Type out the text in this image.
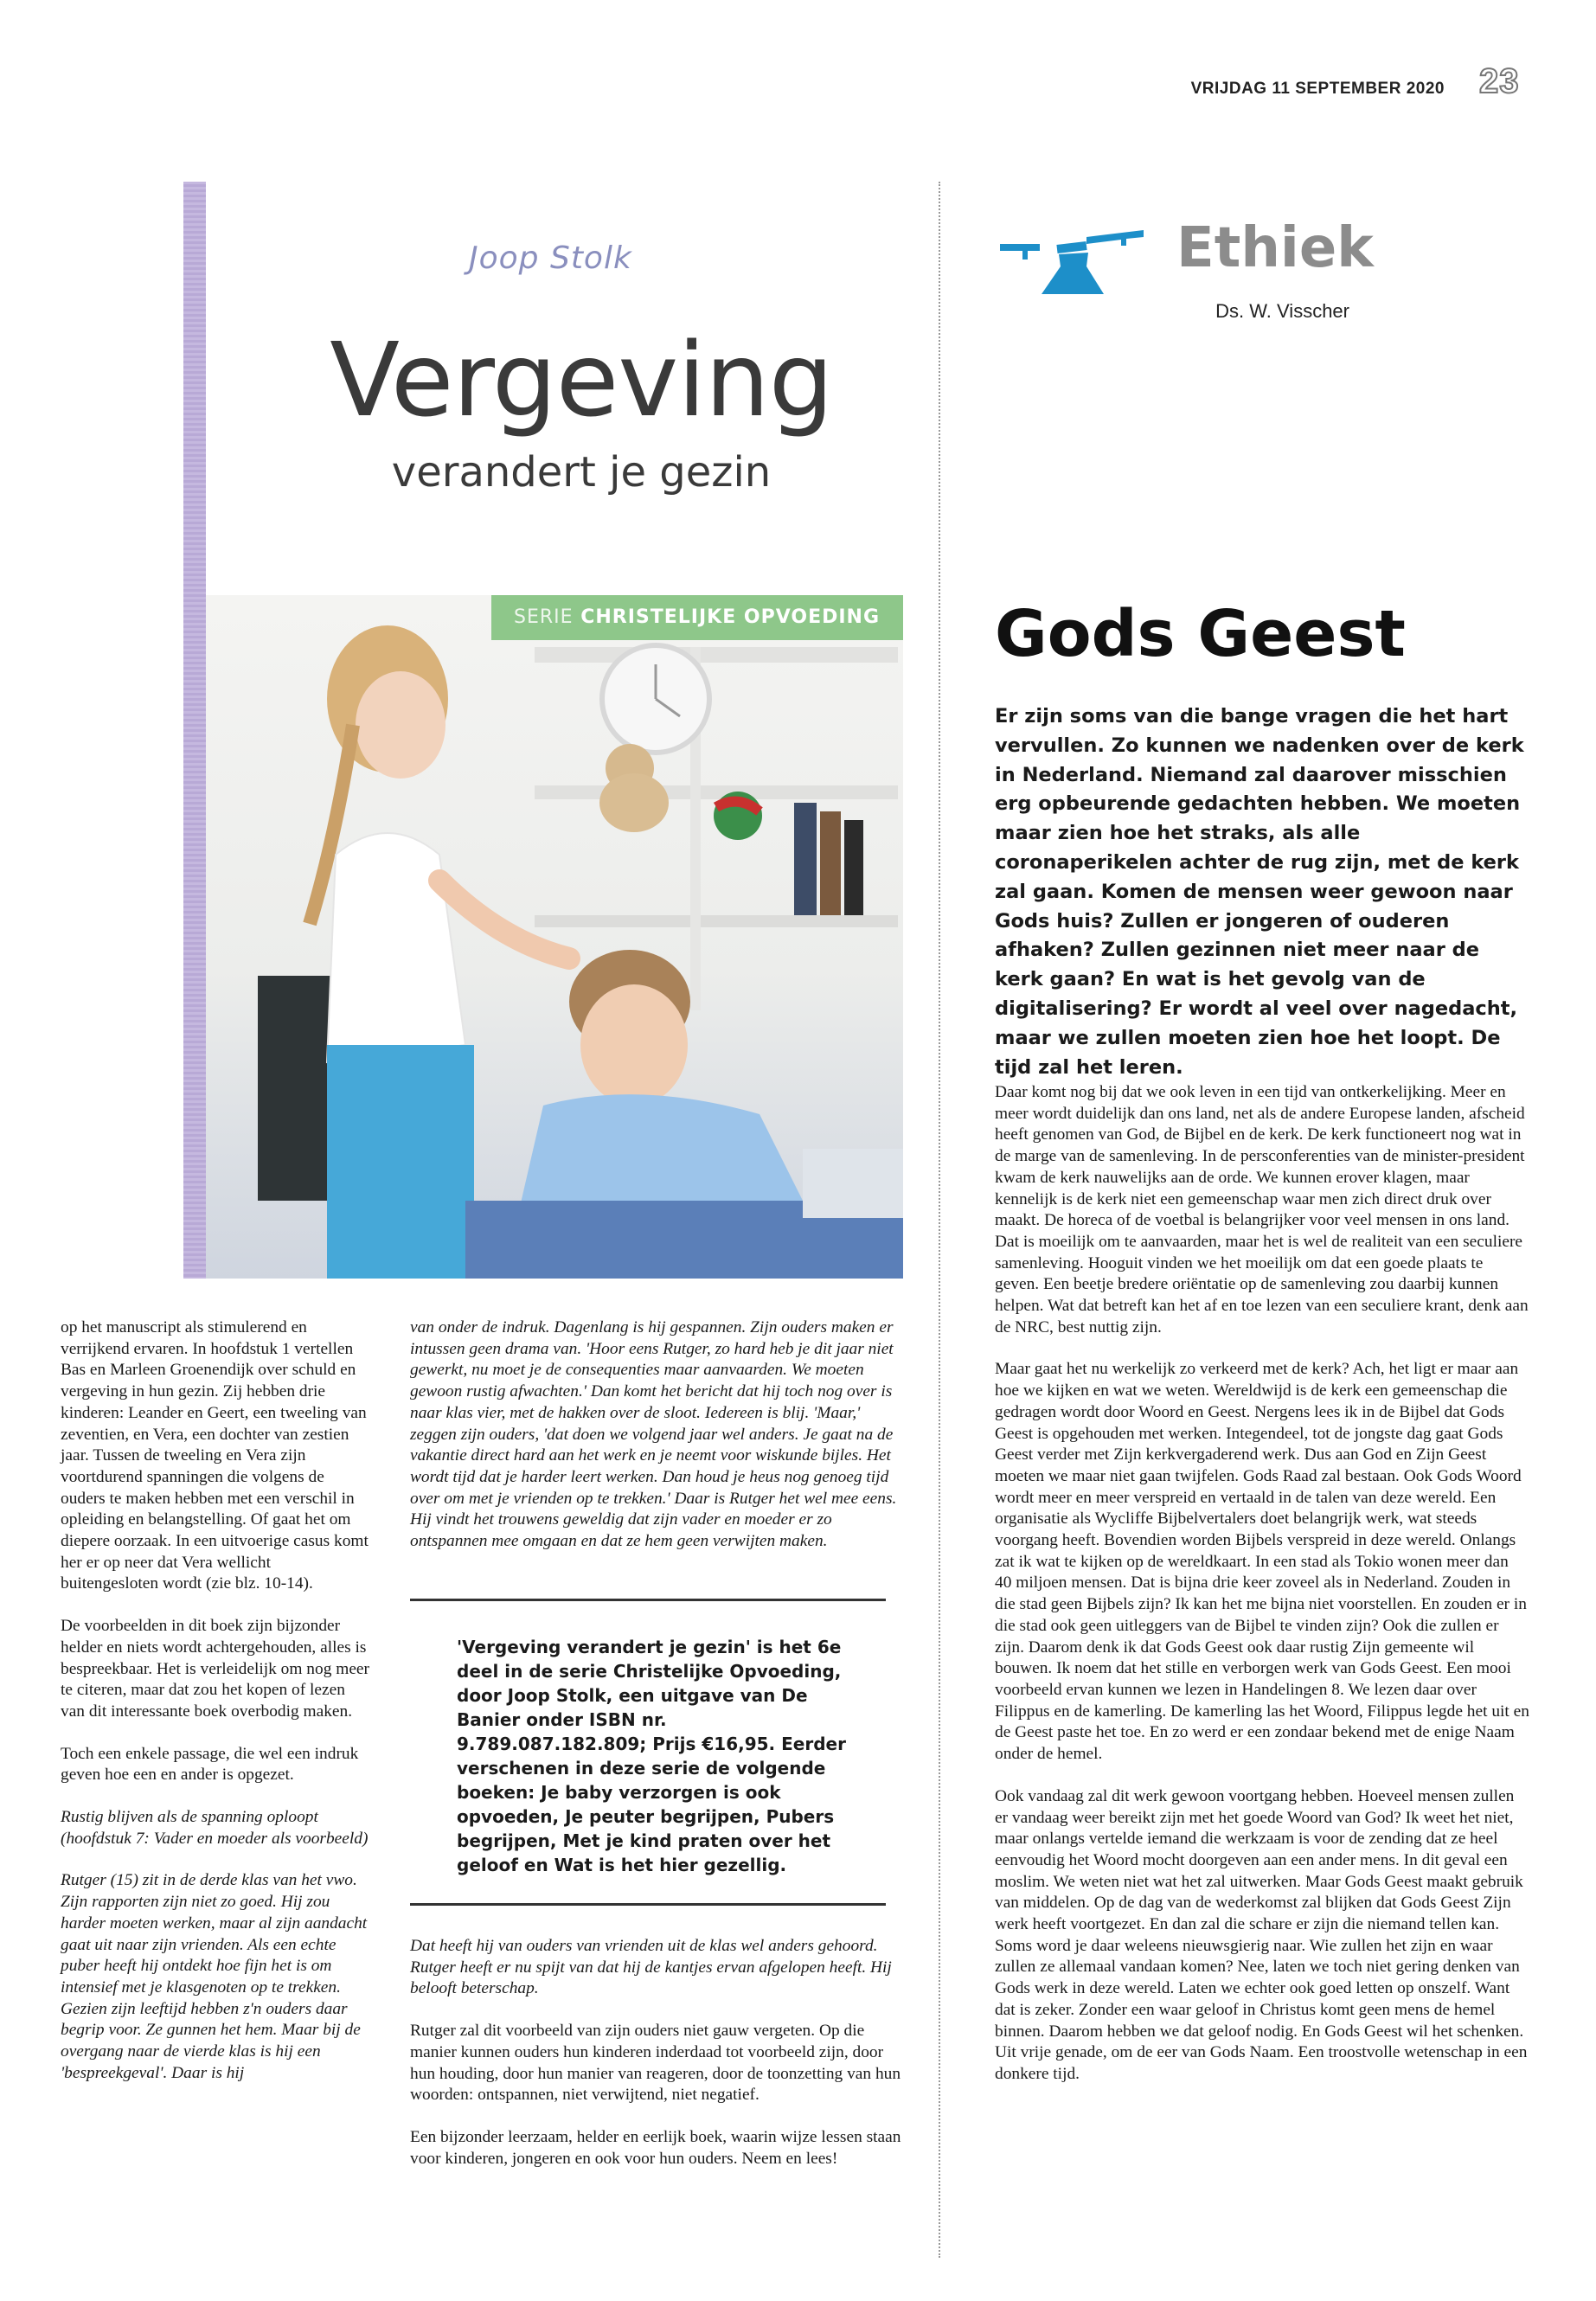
VRIJDAG 11 SEPTEMBER 2020 23
Joop Stolk
Vergeving
verandert je gezin
SERIE CHRISTELIJKE OPVOEDING
Ethiek
Ds. W. Visscher
Gods Geest
Er zijn soms van die bange vragen die het hart vervullen. Zo kunnen we nadenken over de kerk in Nederland. Niemand zal daarover misschien erg opbeurende gedachten hebben. We moeten maar zien hoe het straks, als alle coronaperikelen achter de rug zijn, met de kerk zal gaan. Komen de mensen weer gewoon naar Gods huis? Zullen er jongeren of ouderen afhaken? Zullen gezinnen niet meer naar de kerk gaan? En wat is het gevolg van de digitalisering? Er wordt al veel over nagedacht, maar we zullen moeten zien hoe het loopt. De tijd zal het leren.

Daar komt nog bij dat we ook leven in een tijd van ontkerkelijking. Meer en meer wordt duidelijk dan ons land, net als de andere Europese landen, afscheid heeft genomen van God, de Bijbel en de kerk. De kerk functioneert nog wat in de marge van de samenleving. In de persconferenties van de minister-president kwam de kerk nauwelijks aan de orde. We kunnen erover klagen, maar kennelijk is de kerk niet een gemeenschap waar men zich direct druk over maakt. De horeca of de voetbal is belangrijker voor veel mensen in ons land. Dat is moeilijk om te aanvaarden, maar het is wel de realiteit van een seculiere samenleving. Hooguit vinden we het moeilijk om dat een goede plaats te geven. Een beetje bredere oriëntatie op de samenleving zou daarbij kunnen helpen. Wat dat betreft kan het af en toe lezen van een seculiere krant, denk aan de NRC, best nuttig zijn.

Maar gaat het nu werkelijk zo verkeerd met de kerk? Ach, het ligt er maar aan hoe we kijken en wat we weten. Wereldwijd is de kerk een gemeenschap die gedragen wordt door Woord en Geest. Nergens lees ik in de Bijbel dat Gods Geest is opgehouden met werken. Integendeel, tot de jongste dag gaat Gods Geest verder met Zijn kerkvergaderend werk. Dus aan God en Zijn Geest moeten we maar niet gaan twijfelen. Gods Raad zal bestaan. Ook Gods Woord wordt meer en meer verspreid en vertaald in de talen van deze wereld. Een organisatie als Wycliffe Bijbelvertalers doet belangrijk werk, wat steeds voorgang heeft. Bovendien worden Bijbels verspreid in deze wereld. Onlangs zat ik wat te kijken op de wereldkaart. In een stad als Tokio wonen meer dan 40 miljoen mensen. Dat is bijna drie keer zoveel als in Nederland. Zouden in die stad geen Bijbels zijn? Ik kan het me bijna niet voorstellen. En zouden er in die stad ook geen uitleggers van de Bijbel te vinden zijn? Ook die zullen er zijn. Daarom denk ik dat Gods Geest ook daar rustig Zijn gemeente wil bouwen. Ik noem dat het stille en verborgen werk van Gods Geest. Een mooi voorbeeld ervan kunnen we lezen in Handelingen 8. We lezen daar over Filippus en de kamerling. De kamerling las het Woord, Filippus legde het uit en de Geest paste het toe. En zo werd er een zondaar bekend met de enige Naam onder de hemel.

Ook vandaag zal dit werk gewoon voortgang hebben. Hoeveel mensen zullen er vandaag weer bereikt zijn met het goede Woord van God? Ik weet het niet, maar onlangs vertelde iemand die werkzaam is voor de zending dat ze heel eenvoudig het Woord mocht doorgeven aan een ander mens. In dit geval een moslim. We weten niet wat het zal uitwerken. Maar Gods Geest maakt gebruik van middelen. Op de dag van de wederkomst zal blijken dat Gods Geest Zijn werk heeft voortgezet. En dan zal die schare er zijn die niemand tellen kan. Soms word je daar weleens nieuwsgierig naar. Wie zullen het zijn en waar zullen ze allemaal vandaan komen? Nee, laten we toch niet gering denken van Gods werk in deze wereld. Laten we echter ook goed letten op onszelf. Want dat is zeker. Zonder een waar geloof in Christus komt geen mens de hemel binnen. Daarom hebben we dat geloof nodig. En Gods Geest wil het schenken. Uit vrije genade, om de eer van Gods Naam. Een troostvolle wetenschap in een donkere tijd.

op het manuscript als stimulerend en verrijkend ervaren. In hoofdstuk 1 vertellen Bas en Marleen Groenendijk over schuld en vergeving in hun gezin. Zij hebben drie kinderen: Leander en Geert, een tweeling van zeventien, en Vera, een dochter van zestien jaar. Tussen de tweeling en Vera zijn voortdurend spanningen die volgens de ouders te maken hebben met een verschil in opleiding en belangstelling. Of gaat het om diepere oorzaak. In een uitvoerige casus komt her er op neer dat Vera wellicht buitengesloten wordt (zie blz. 10-14).

De voorbeelden in dit boek zijn bijzonder helder en niets wordt achtergehouden, alles is bespreekbaar. Het is verleidelijk om nog meer te citeren, maar dat zou het kopen of lezen van dit interessante boek overbodig maken.

Toch een enkele passage, die wel een indruk geven hoe een en ander is opgezet.

Rustig blijven als de spanning oploopt (hoofdstuk 7: Vader en moeder als voorbeeld)

Rutger (15) zit in de derde klas van het vwo. Zijn rapporten zijn niet zo goed. Hij zou harder moeten werken, maar al zijn aandacht gaat uit naar zijn vrienden. Als een echte puber heeft hij ontdekt hoe fijn het is om intensief met je klasgenoten op te trekken. Gezien zijn leeftijd hebben z'n ouders daar begrip voor. Ze gunnen het hem. Maar bij de overgang naar de vierde klas is hij een 'bespreekgeval'. Daar is hij

van onder de indruk. Dagenlang is hij gespannen. Zijn ouders maken er intussen geen drama van. 'Hoor eens Rutger, zo hard heb je dit jaar niet gewerkt, nu moet je de consequenties maar aanvaarden. We moeten gewoon rustig afwachten.' Dan komt het bericht dat hij toch nog over is naar klas vier, met de hakken over de sloot. Iedereen is blij. 'Maar,' zeggen zijn ouders, 'dat doen we volgend jaar wel anders. Je gaat na de vakantie direct hard aan het werk en je neemt voor wiskunde bijles. Het wordt tijd dat je harder leert werken. Dan houd je heus nog genoeg tijd over om met je vrienden op te trekken.' Daar is Rutger het wel mee eens. Hij vindt het trouwens geweldig dat zijn vader en moeder er zo ontspannen mee omgaan en dat ze hem geen verwijten maken.

'Vergeving verandert je gezin' is het 6e deel in de serie Christelijke Opvoeding, door Joop Stolk, een uitgave van De Banier onder ISBN nr. 9.789.087.182.809; Prijs €16,95. Eerder verschenen in deze serie de volgende boeken: Je baby verzorgen is ook opvoeden, Je peuter begrijpen, Pubers begrijpen, Met je kind praten over het geloof en Wat is het hier gezellig.

Dat heeft hij van ouders van vrienden uit de klas wel anders gehoord. Rutger heeft er nu spijt van dat hij de kantjes ervan afgelopen heeft. Hij belooft beterschap.

Rutger zal dit voorbeeld van zijn ouders niet gauw vergeten. Op die manier kunnen ouders hun kinderen inderdaad tot voorbeeld zijn, door hun houding, door hun manier van reageren, door de toonzetting van hun woorden: ontspannen, niet verwijtend, niet negatief.

Een bijzonder leerzaam, helder en eerlijk boek, waarin wijze lessen staan voor kinderen, jongeren en ook voor hun ouders. Neem en lees!
